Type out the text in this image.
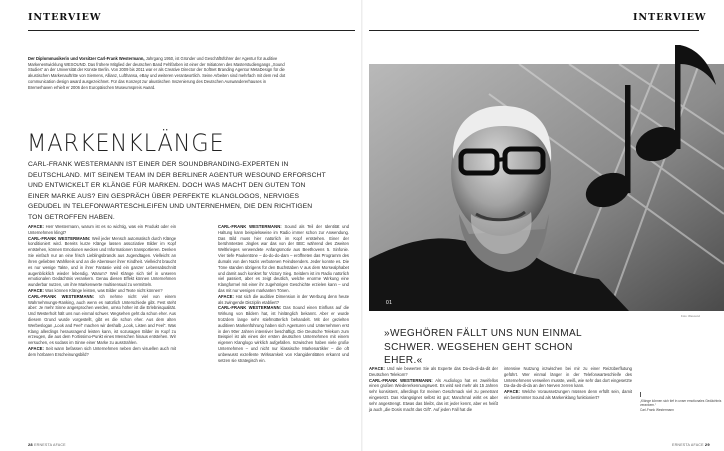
INTERVIEW	INTERVIEW

Der Diplommusikerin und Vorsitzer Carl-Frank Westermann, Jahrgang 1950, ist Gründer und Geschäftsführer der Agentur für auditive Markenentwicklung WESOUND. Das frühere Mitglied der deutschen Band Fehlfarben ist einer der Initiatoren des Masterstudiengangs „Sound Studies“ an der Universität der Künste Berlin. Von 2009 bis 2011 war er als Creative Director der Softnet Branding Agentur MetaDesign für die akustischen Markenauftritte von Siemens, Allianz, Lufthansa, eBay und weiteren verantwortlich. Seine Arbeiten sind mehrfach mit dem red dot communication design award ausgezeichnet. Für das Konzept zur akustischen Inszenierung des Deutschen Auswandererhauses in Bremerhaven erhielt er 2006 den Europäischen Museumspreis Award.

MARKENKLÄNGE

CARL-FRANK WESTERMANN IST EINER DER SOUNDBRANDING-EXPERTEN IN DEUTSCHLAND. MIT SEINEM TEAM IN DER BERLINER AGENTUR WESOUND ERFORSCHT UND ENTWICKELT ER KLÄNGE FÜR MARKEN. DOCH WAS MACHT DEN GUTEN TON EINER MARKE AUS? EIN GESPRÄCH ÜBER PERFEKTE KLANGLOGOS, NERVIGES GEDUDEL IN TELEFONWARTESCHLEIFEN UND UNTERNEHMEN, DIE DEN RICHTIGEN TON GETROFFEN HABEN.

AFACE: Herr Westermann, warum ist es so wichtig, was ein Produkt oder ein Unternehmen klingt?

CARL-FRANK WESTERMANN: Weil jeder Mensch automatisch durch Klänge konditioniert wird. Bereits kurze Klänge lassen assoziative Bilder im Kopf entstehen, können Emotionen wecken und Informationen transportieren. Denken Sie einfach nur an eine frisch Lieblingsbrands aus Jugendtagen. Vielleicht an ihren geliebten Wahlkreis und an die Abenteuer ihrer Kindheit. Vielleicht braucht es nur wenige Takte, und in ihrer Fantasie wird ein ganzer Lebensabschnitt augenblicklich wieder lebendig. Warum? Weil Klänge sich tief in unseren emotionalen Gedächtnis verankern. Genau diesen Effekt können Unternehmen wunderbar nutzen, um ihre Markenwerte multisensual zu vermitteln.

AFACE: Was können Klänge leisten, was Bilder und Texte nicht können?

CARL-FRANK WESTERMANN: Ich nehme nicht viel von einem Wahrnehmungs-Ranking, auch wenn es natürlich Unterschiede gibt. Fest steht aber: Je mehr Sinne angesprochen werden, umso höher ist die Erlebnisqualität. Und Westerholt hält uns nun einmal schwer. Wegsehen geht da schon eher. Aus diesem Grund wurde vorgestellt, gibt es die schon eher. Aus dem alten Werbeslogan „Look and Feel“ machen wir deshalb „Look, Listen and Feel“. Was Klang allerdings herausragend leisten kann, ist sozusagen Bilder im Kopf zu erzeugen, die aus dem Fortissimo-Punkt eines Menschen hinaus entstehen. Wir versuchen, es sodass im Sinne einer Marke zu ausstrahlen.

AFACE: Seit wann befassen sich Unternehmen neben dem visuellen auch mit dem hörbaren Erscheinungsbild?

CARL-FRANK WESTERMANN: Sound als Teil der Identität und Haltung kann beispielsweise im Radio immer schon zur Anwendung. Das Bild muss hier natürlich im Kopf entstehen. Einer der berühmtesten Jingles war das von der BBC während des Zweiten Weltkrieges verwendete Anfangsmotiv aus Beethovens 5. Sinfonie. Vier tiefe Paukentöne – do-do-do-dam – eröffneten das Programm des dumals von den Nazis verbotenen Feindsenders. Jeder konnte es. Die Töne standen übrigens für den Buchstaben V aus dem Morsealphabet und damit auch konkret für Victory Sieg. Seitdem ist im Radio natürlich viel passiert, aber es zeigt deutlich, welche enorme Wirkung eine Klangformel mit einer ihr zugehörigen Geschichte erzielen kann – und das mit nur wenigen markanten Tönen.

AFACE: Hat sich die auditive Dimension in der Werbung denn heute als zwingende Disziplin etabliert?

CARL-FRANK WESTERMANN: Das Sound einen Einfluss auf die Wirkung von Bildern hat, ist hinlänglich bekannt. Aber er wurde trotzdem lange sehr stiefmütterlich behandelt. Mit der gezielten auditiven Markenführung haben sich Agenturen und Unternehmen erst in den 90er Jahren intensiver beschäftigt. Die Deutsche Telekom zum Beispiel ist als eines der ersten deutschen Unternehmen mit einem eigenen Klanglogo wirklich aufgefallen. Inzwischen haben viele große Unternehmen – und nicht nur klassische Markenartikler – die oft unbewusst exzellente Wirksamkeit von Klangidentitäten erkannt und setzen sie strategisch ein.

01
Foto: Wesound

»WEGHÖREN FÄLLT UNS NUN EINMAL SCHWER. WEGSEHEN GEHT SCHON EHER.«

AFACE: Und wie bewerten Sie als Experte das Da-da-di-da-dit der Deutschen Telekom?

CARL-FRANK WESTERMANN: Als Audiologo hat es zweifellos einen großen Wiedererkennungswert. Es wird seit mehr als 15 Jahren sehr konsistent, allerdings für meinen Geschmack viel zu penetrant eingesetzt. Das Klangsignet selbst ist gut; Manchmal wirkt es aber sehr angestrengt. Etwas das bleibt, das ist jeder kennt, aber es heißt ja auch „die Dosis macht das Gift“. Auf jeden Fall hat die

intensive Nutzung inzwischen bei mir zu einer Reizüberflutung geführt. Wer einmal länger in der Telefonwarteschleife des Unternehmens verweilen musste, weiß, wie sehr das dort eingesetzte Da-da-dü-di-da an den Nerven zerren kann.

AFACE: Welche Voraussetzungen müssen denn erfüllt sein, damit ein bestimmter Sound als Markenklang funktioniert?

„Klänge können sich tief in unser emotionales Gedächtnis verankern.“
Carl-Frank Westermann
28 ERNESTA AFACE	ERNESTA AFACE 29
